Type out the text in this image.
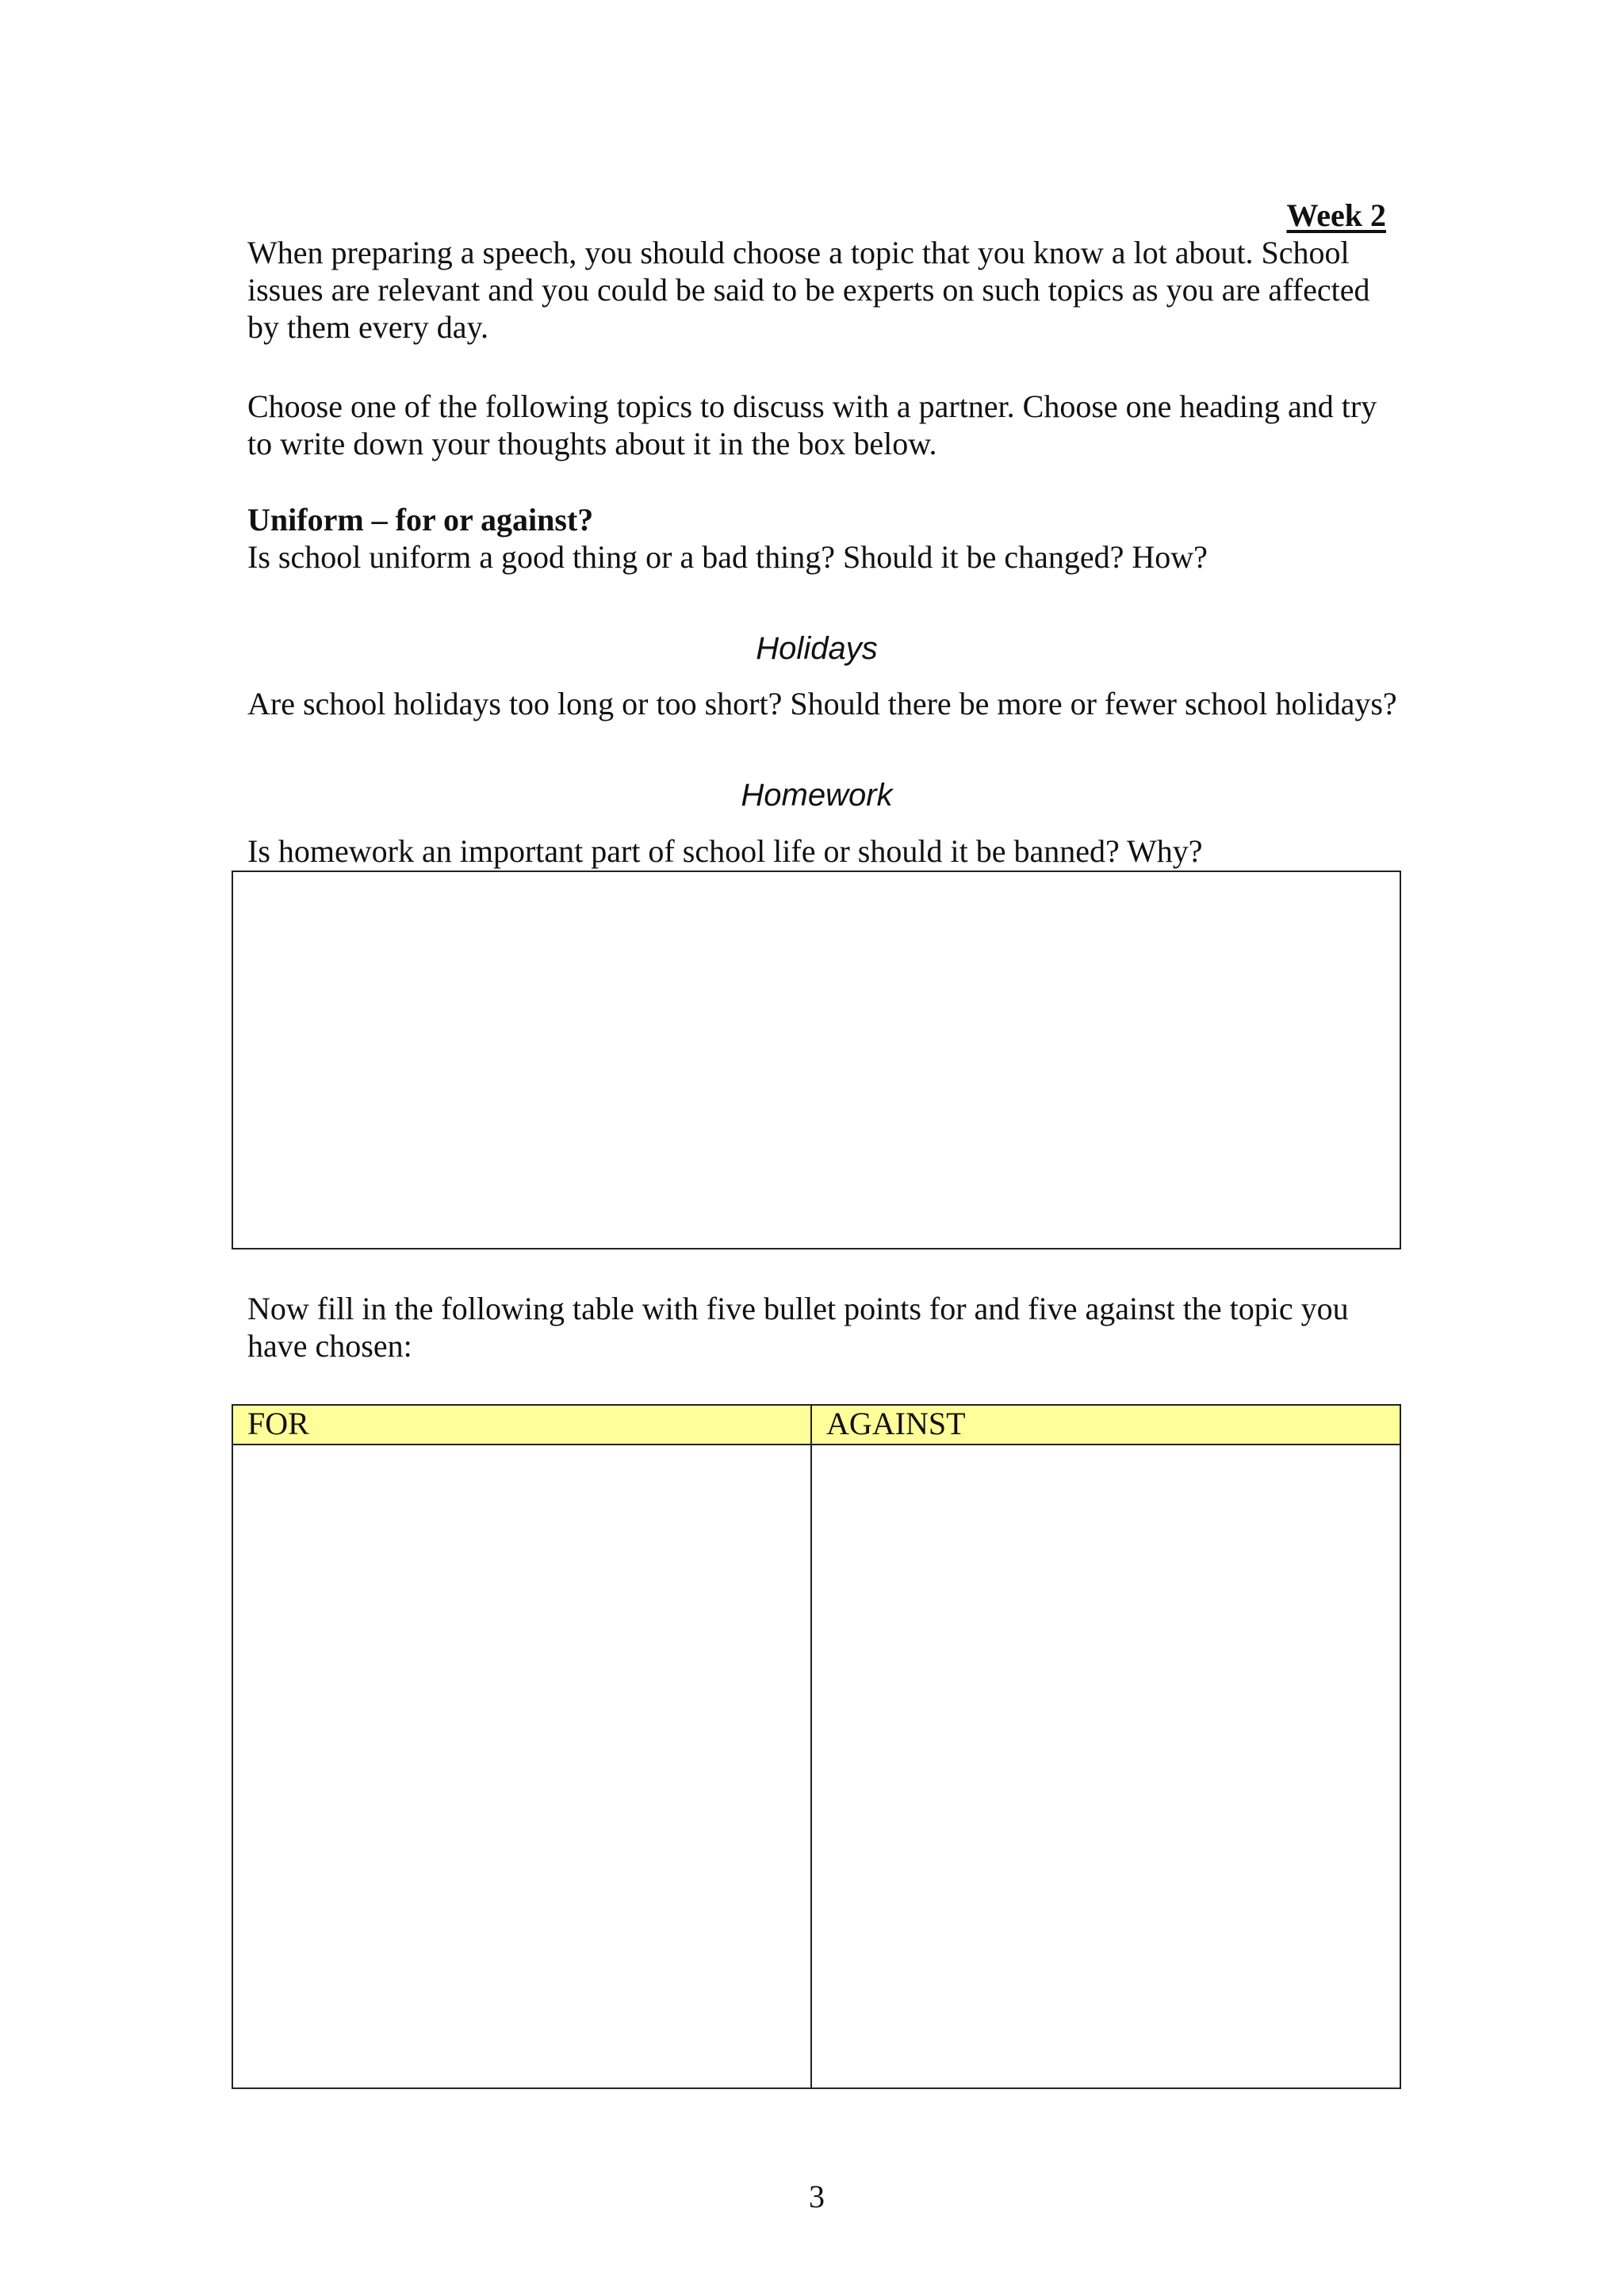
Week 2
When preparing a speech, you should choose a topic that you know a lot about. School issues are relevant and you could be said to be experts on such topics as you are affected by them every day.
Choose one of the following topics to discuss with a partner. Choose one heading and try to write down your thoughts about it in the box below.
Uniform – for or against?
Is school uniform a good thing or a bad thing? Should it be changed? How?
Holidays
Are school holidays too long or too short? Should there be more or fewer school holidays?
Homework
Is homework an important part of school life or should it be banned? Why?
Now fill in the following table with five bullet points for and five against the topic you have chosen:
FOR	AGAINST

3
